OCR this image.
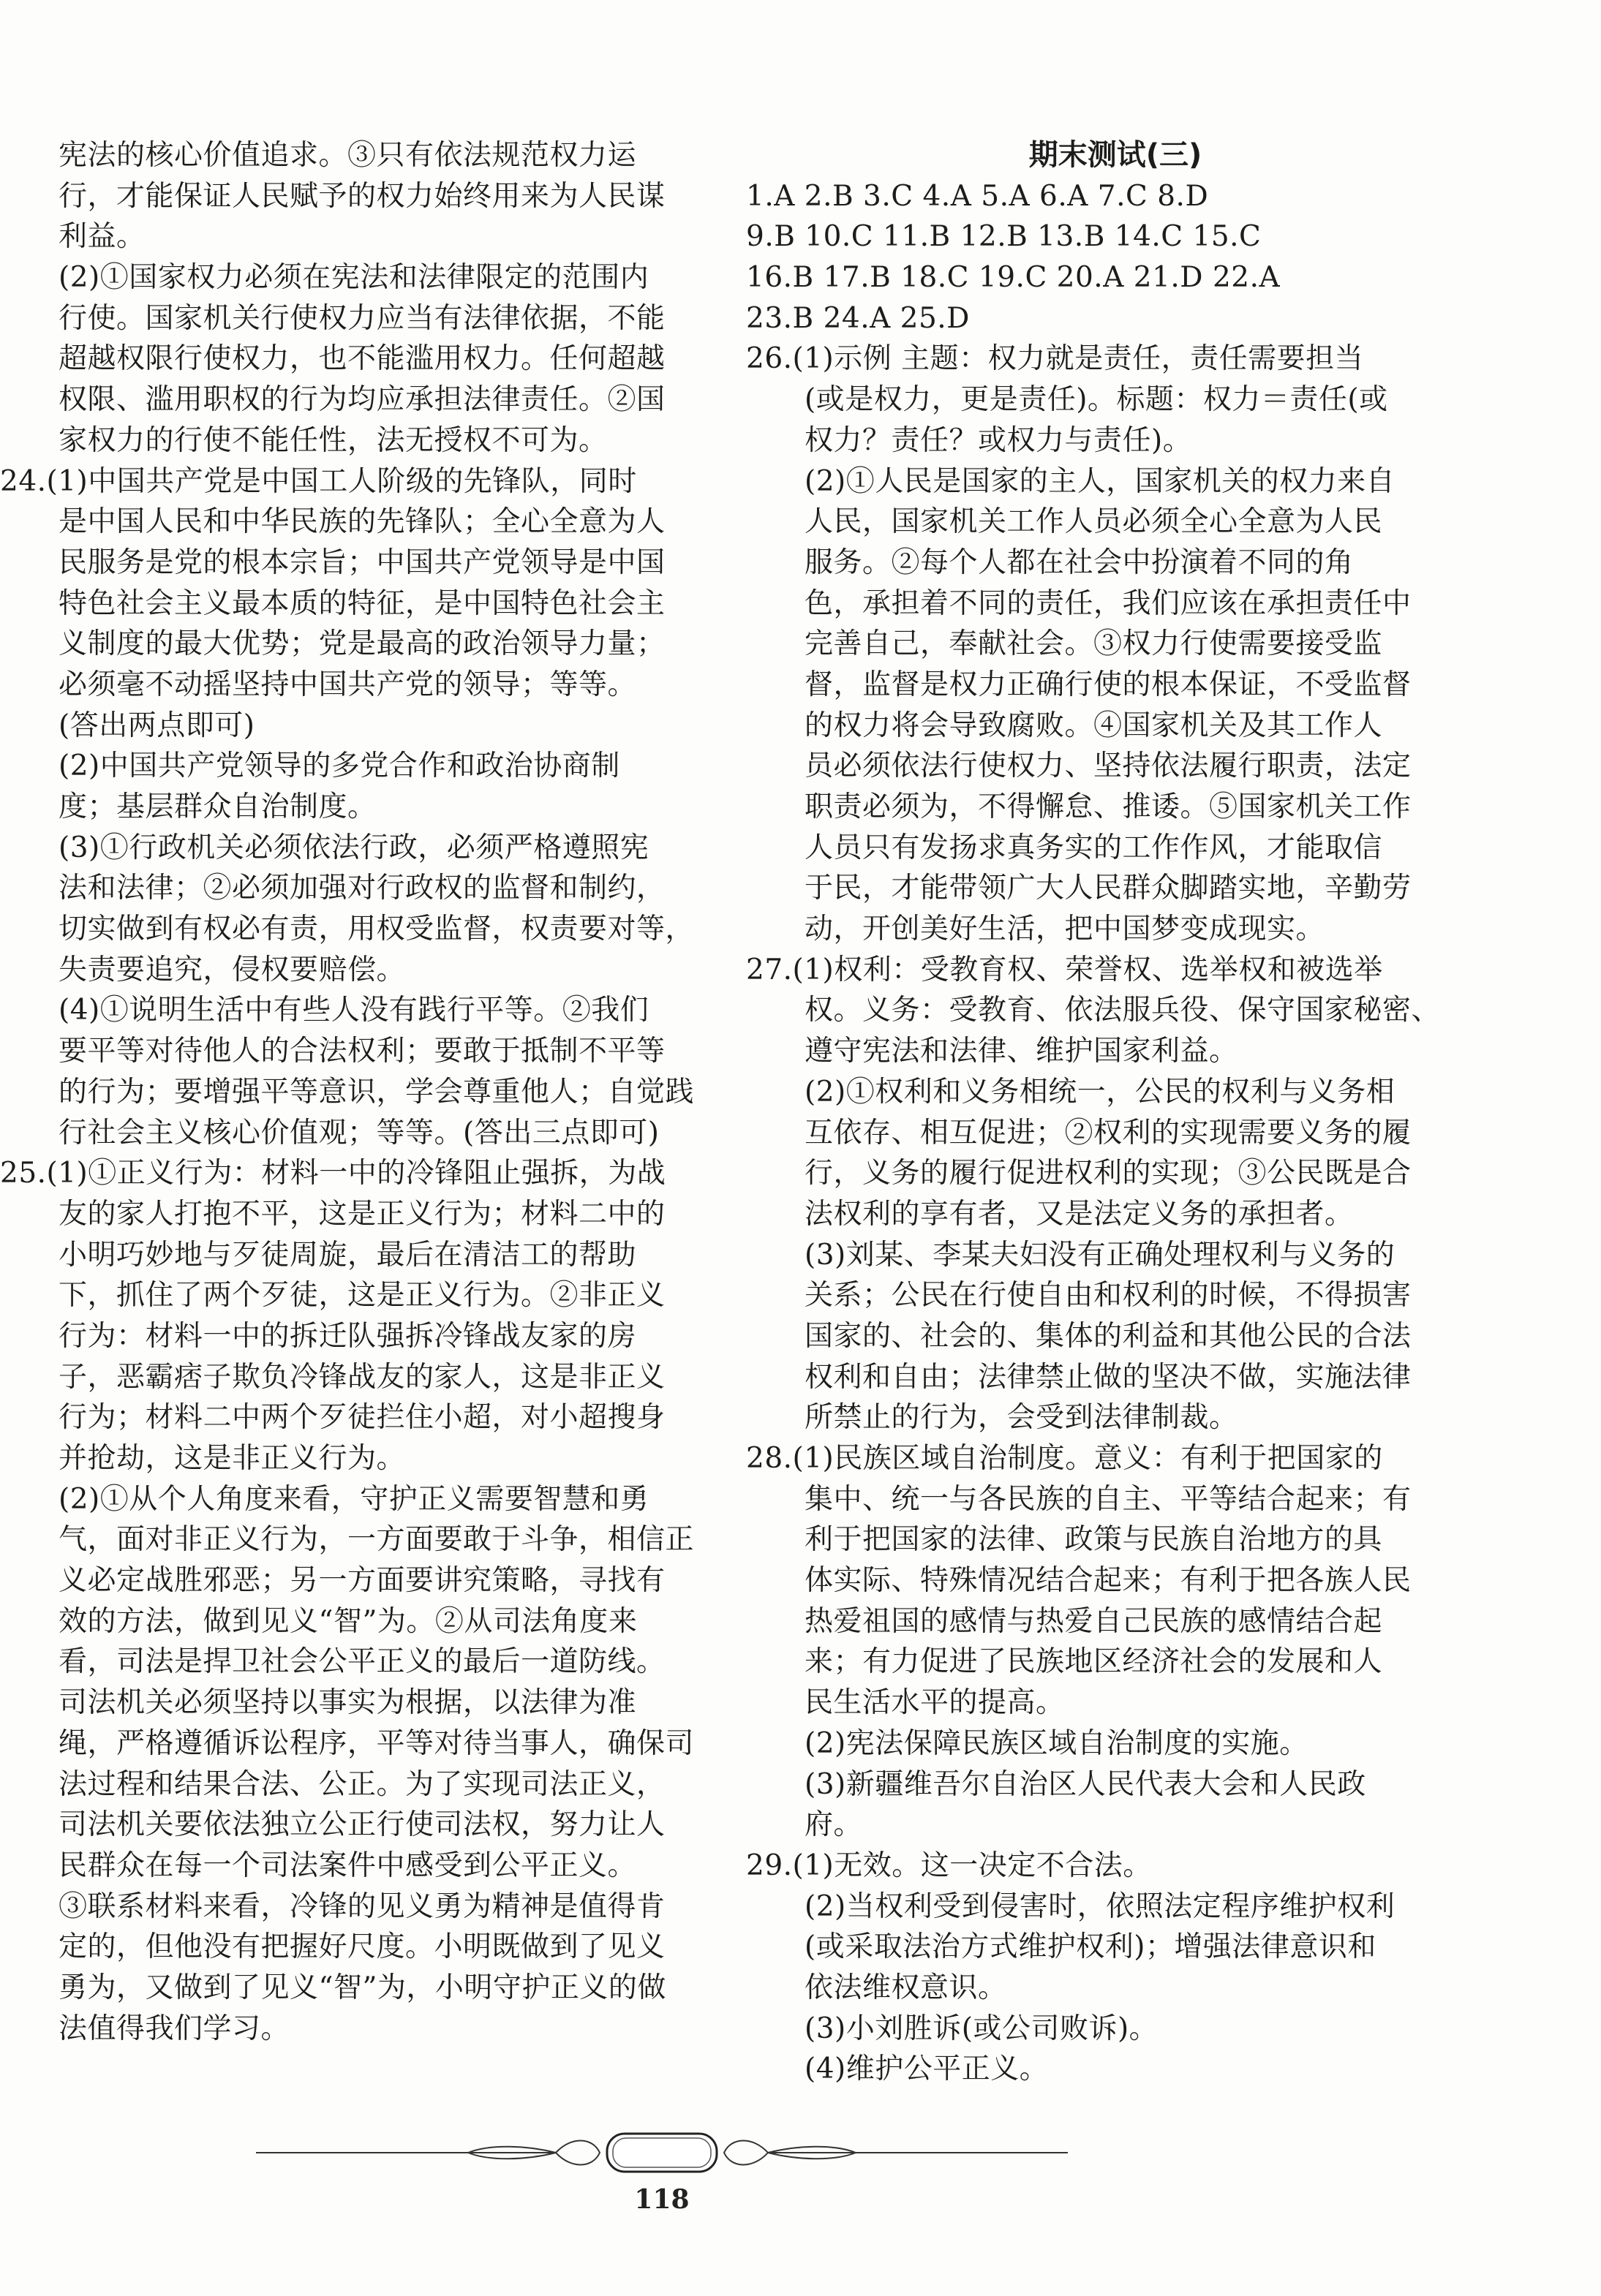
宪法的核心价值追求。③只有依法规范权力运
行，才能保证人民赋予的权力始终用来为人民谋
利益。
(2)①国家权力必须在宪法和法律限定的范围内
行使。国家机关行使权力应当有法律依据，不能
超越权限行使权力，也不能滥用权力。任何超越
权限、滥用职权的行为均应承担法律责任。②国
家权力的行使不能任性，法无授权不可为。
24.(1)中国共产党是中国工人阶级的先锋队，同时
是中国人民和中华民族的先锋队；全心全意为人
民服务是党的根本宗旨；中国共产党领导是中国
特色社会主义最本质的特征，是中国特色社会主
义制度的最大优势；党是最高的政治领导力量；
必须毫不动摇坚持中国共产党的领导；等等。
(答出两点即可)
(2)中国共产党领导的多党合作和政治协商制
度；基层群众自治制度。
(3)①行政机关必须依法行政，必须严格遵照宪
法和法律；②必须加强对行政权的监督和制约，
切实做到有权必有责，用权受监督，权责要对等，
失责要追究，侵权要赔偿。
(4)①说明生活中有些人没有践行平等。②我们
要平等对待他人的合法权利；要敢于抵制不平等
的行为；要增强平等意识，学会尊重他人；自觉践
行社会主义核心价值观；等等。(答出三点即可)
25.(1)①正义行为：材料一中的冷锋阻止强拆，为战
友的家人打抱不平，这是正义行为；材料二中的
小明巧妙地与歹徒周旋，最后在清洁工的帮助
下，抓住了两个歹徒，这是正义行为。②非正义
行为：材料一中的拆迁队强拆冷锋战友家的房
子，恶霸痞子欺负冷锋战友的家人，这是非正义
行为；材料二中两个歹徒拦住小超，对小超搜身
并抢劫，这是非正义行为。
(2)①从个人角度来看，守护正义需要智慧和勇
气，面对非正义行为，一方面要敢于斗争，相信正
义必定战胜邪恶；另一方面要讲究策略，寻找有
效的方法，做到见义“智”为。②从司法角度来
看，司法是捍卫社会公平正义的最后一道防线。
司法机关必须坚持以事实为根据，以法律为准
绳，严格遵循诉讼程序，平等对待当事人，确保司
法过程和结果合法、公正。为了实现司法正义，
司法机关要依法独立公正行使司法权，努力让人
民群众在每一个司法案件中感受到公平正义。
③联系材料来看，冷锋的见义勇为精神是值得肯
定的，但他没有把握好尺度。小明既做到了见义
勇为，又做到了见义“智”为，小明守护正义的做
法值得我们学习。
期末测试(三)
1.A 2.B 3.C 4.A 5.A 6.A 7.C 8.D
9.B 10.C 11.B 12.B 13.B 14.C 15.C
16.B 17.B 18.C 19.C 20.A 21.D 22.A
23.B 24.A 25.D
26.(1)示例 主题：权力就是责任，责任需要担当
(或是权力，更是责任)。标题：权力＝责任(或
权力？责任？或权力与责任)。
(2)①人民是国家的主人，国家机关的权力来自
人民，国家机关工作人员必须全心全意为人民
服务。②每个人都在社会中扮演着不同的角
色，承担着不同的责任，我们应该在承担责任中
完善自己，奉献社会。③权力行使需要接受监
督，监督是权力正确行使的根本保证，不受监督
的权力将会导致腐败。④国家机关及其工作人
员必须依法行使权力、坚持依法履行职责，法定
职责必须为，不得懈怠、推诿。⑤国家机关工作
人员只有发扬求真务实的工作作风，才能取信
于民，才能带领广大人民群众脚踏实地，辛勤劳
动，开创美好生活，把中国梦变成现实。
27.(1)权利：受教育权、荣誉权、选举权和被选举
权。义务：受教育、依法服兵役、保守国家秘密、
遵守宪法和法律、维护国家利益。
(2)①权利和义务相统一，公民的权利与义务相
互依存、相互促进；②权利的实现需要义务的履
行，义务的履行促进权利的实现；③公民既是合
法权利的享有者，又是法定义务的承担者。
(3)刘某、李某夫妇没有正确处理权利与义务的
关系；公民在行使自由和权利的时候，不得损害
国家的、社会的、集体的利益和其他公民的合法
权利和自由；法律禁止做的坚决不做，实施法律
所禁止的行为，会受到法律制裁。
28.(1)民族区域自治制度。意义：有利于把国家的
集中、统一与各民族的自主、平等结合起来；有
利于把国家的法律、政策与民族自治地方的具
体实际、特殊情况结合起来；有利于把各族人民
热爱祖国的感情与热爱自己民族的感情结合起
来；有力促进了民族地区经济社会的发展和人
民生活水平的提高。
(2)宪法保障民族区域自治制度的实施。
(3)新疆维吾尔自治区人民代表大会和人民政
府。
29.(1)无效。这一决定不合法。
(2)当权利受到侵害时，依照法定程序维护权利
(或采取法治方式维护权利)；增强法律意识和
依法维权意识。
(3)小刘胜诉(或公司败诉)。
(4)维护公平正义。
118
